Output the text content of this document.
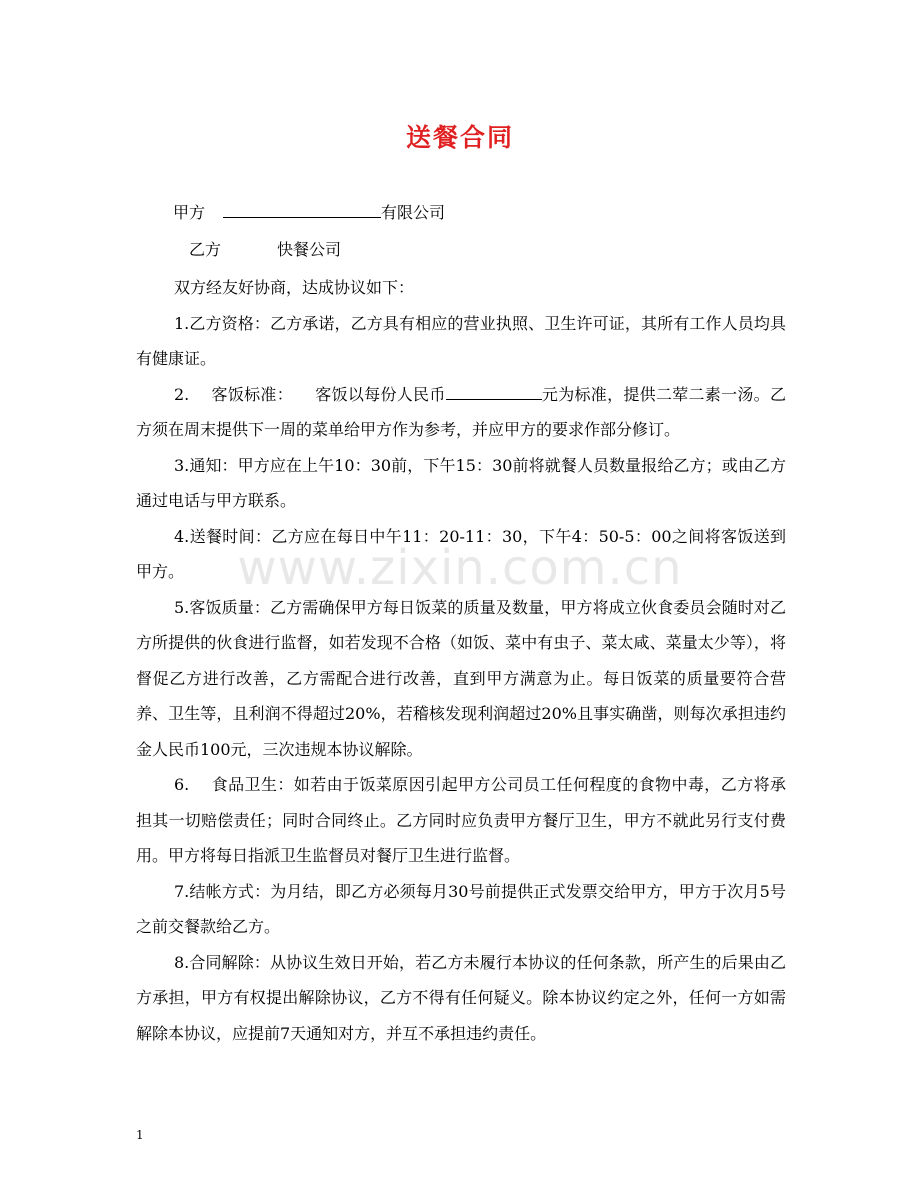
www.zixin.com.cn
送餐合同
甲方	有限公司
乙方	快餐公司

双方经友好协商，达成协议如下：

1.乙方资格：乙方承诺，乙方具有相应的营业执照、卫生许可证，其所有工作人员均具有健康证。

2. 客饭标准： 客饭以每份人民币	元为标准，提供二荤二素一汤。乙方须在周末提供下一周的菜单给甲方作为参考，并应甲方的要求作部分修订。

3.通知：甲方应在上午10：30前，下午15：30前将就餐人员数量报给乙方；或由乙方通过电话与甲方联系。

4.送餐时间：乙方应在每日中午11：20-11：30，下午4：50-5：00之间将客饭送到甲方。

5.客饭质量：乙方需确保甲方每日饭菜的质量及数量，甲方将成立伙食委员会随时对乙方所提供的伙食进行监督，如若发现不合格（如饭、菜中有虫子、菜太咸、菜量太少等），将督促乙方进行改善，乙方需配合进行改善，直到甲方满意为止。每日饭菜的质量要符合营养、卫生等，且利润不得超过20%，若稽核发现利润超过20%且事实确凿，则每次承担违约金人民币100元，三次违规本协议解除。

6. 食品卫生：如若由于饭菜原因引起甲方公司员工任何程度的食物中毒，乙方将承担其一切赔偿责任；同时合同终止。乙方同时应负责甲方餐厅卫生，甲方不就此另行支付费用。甲方将每日指派卫生监督员对餐厅卫生进行监督。

7.结帐方式：为月结，即乙方必须每月30号前提供正式发票交给甲方，甲方于次月5号之前交餐款给乙方。

8.合同解除：从协议生效日开始，若乙方未履行本协议的任何条款，所产生的后果由乙方承担，甲方有权提出解除协议，乙方不得有任何疑义。除本协议约定之外，任何一方如需解除本协议，应提前7天通知对方，并互不承担违约责任。

1
